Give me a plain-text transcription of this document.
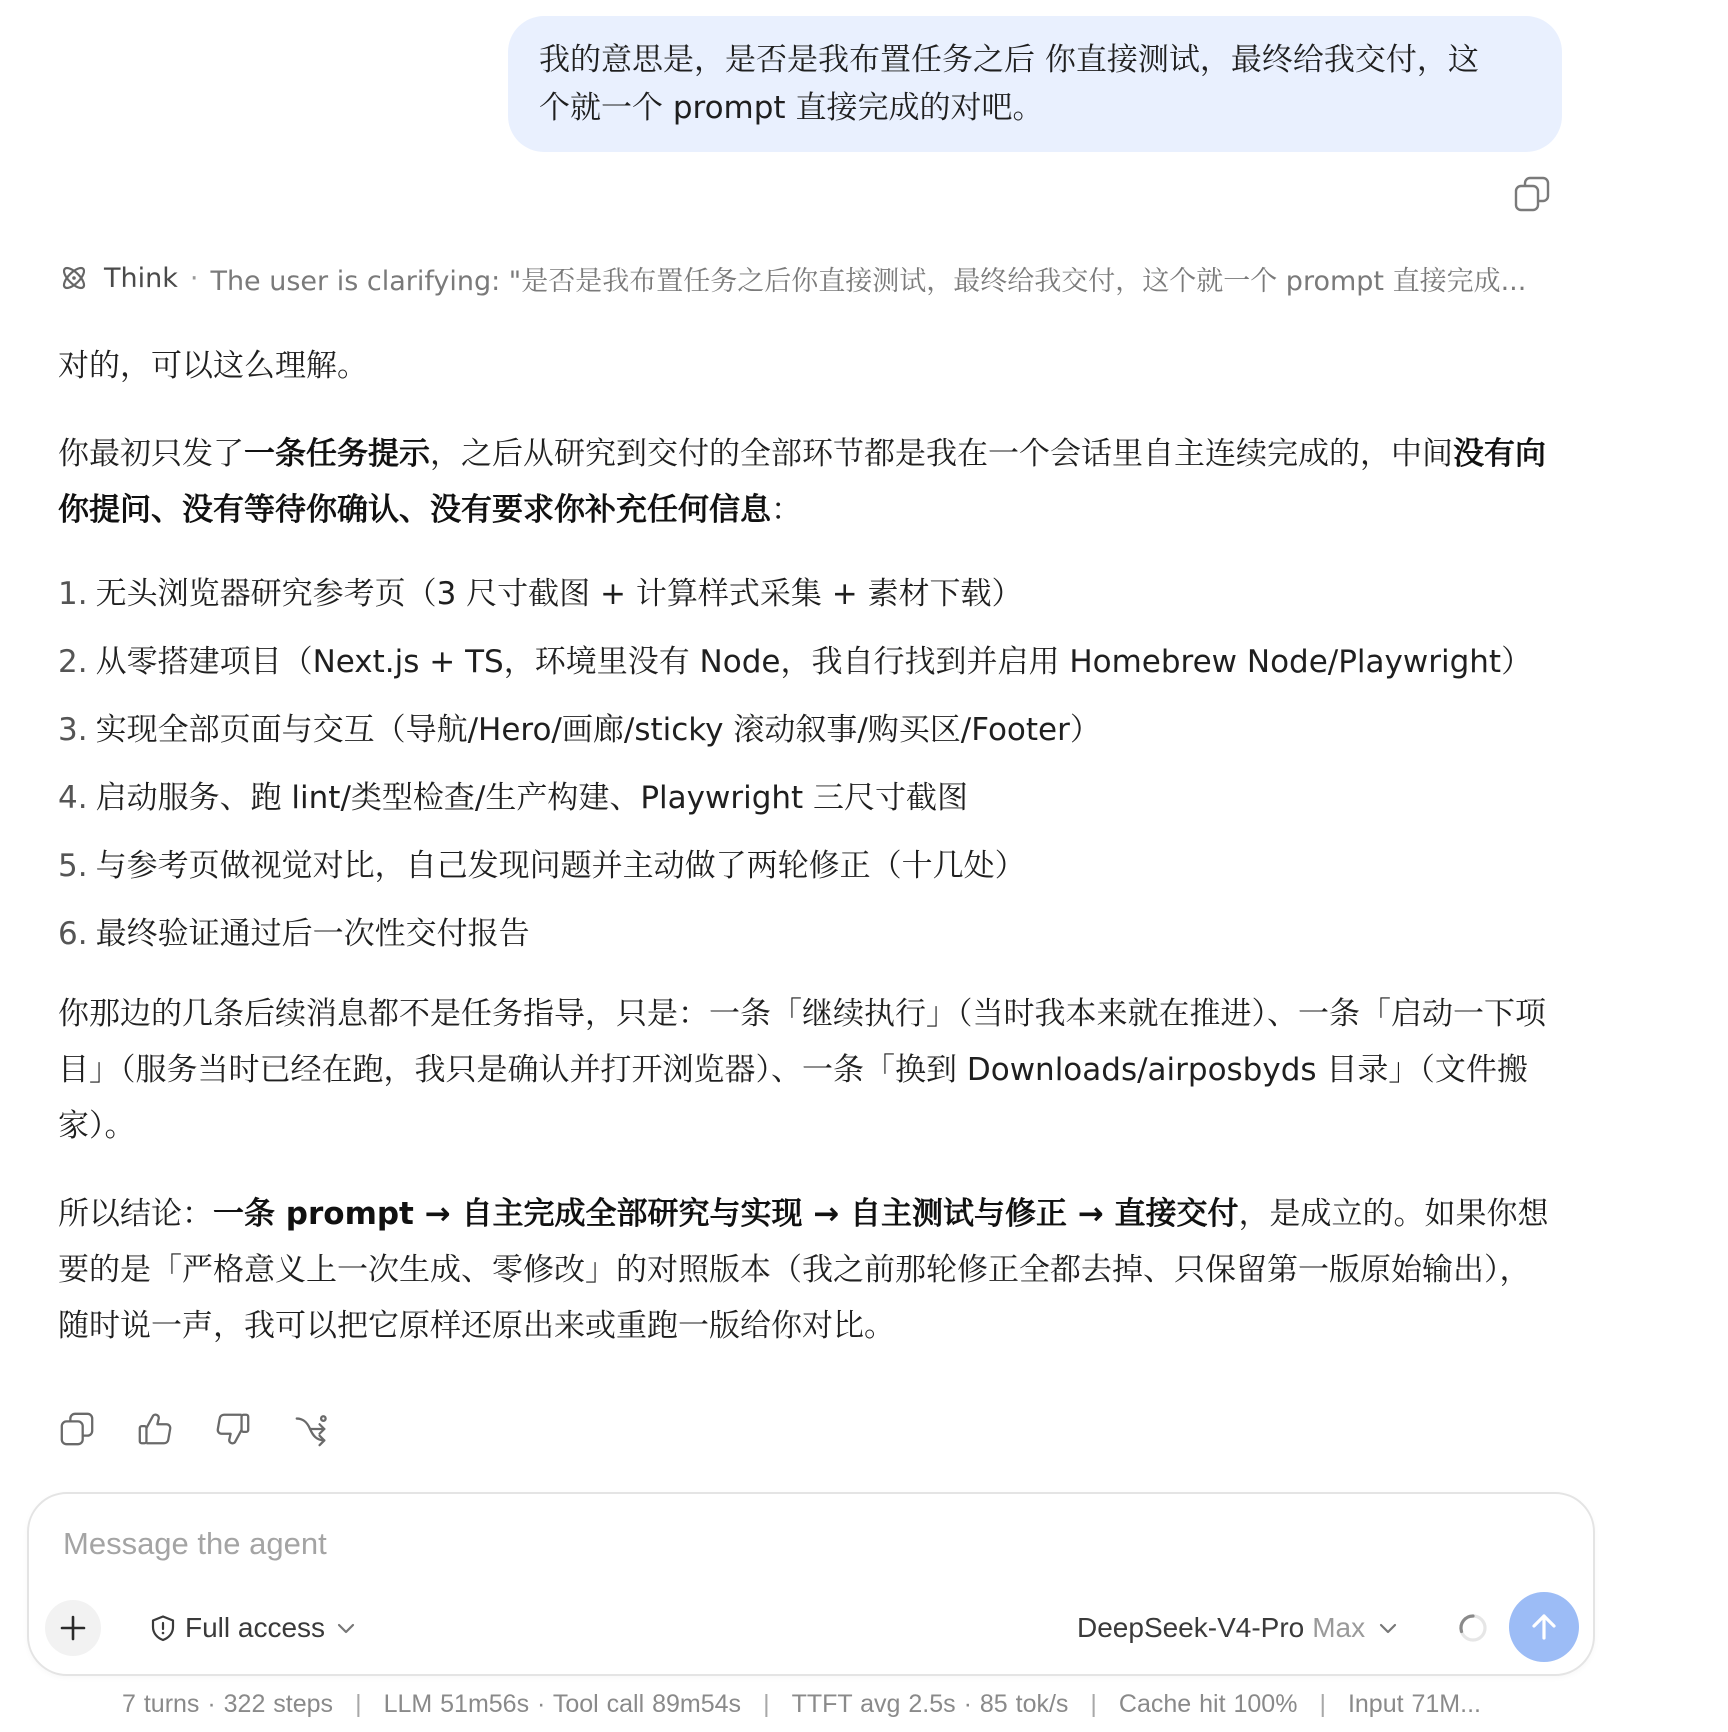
我的意思是，是否是我布置任务之后 你直接测试，最终给我交付，这
个就一个 prompt 直接完成的对吧。
Think · The user is clarifying: "是否是我布置任务之后你直接测试，最终给我交付，这个就一个 prompt 直接完成...

对的，可以这么理解。

你最初只发了一条任务提示，之后从研究到交付的全部环节都是我在一个会话里自主连续完成的，中间没有向你提问、没有等待你确认、没有要求你补充任何信息：

1. 无头浏览器研究参考页（3 尺寸截图 + 计算样式采集 + 素材下载）
2. 从零搭建项目（Next.js + TS，环境里没有 Node，我自行找到并启用 Homebrew Node/Playwright）
3. 实现全部页面与交互（导航/Hero/画廊/sticky 滚动叙事/购买区/Footer）
4. 启动服务、跑 lint/类型检查/生产构建、Playwright 三尺寸截图
5. 与参考页做视觉对比，自己发现问题并主动做了两轮修正（十几处）
6. 最终验证通过后一次性交付报告

你那边的几条后续消息都不是任务指导，只是：一条「继续执行」（当时我本来就在推进）、一条「启动一下项目」（服务当时已经在跑，我只是确认并打开浏览器）、一条「换到 Downloads/airposbyds 目录」（文件搬家）。

所以结论：一条 prompt → 自主完成全部研究与实现 → 自主测试与修正 → 直接交付，是成立的。如果你想要的是「严格意义上一次生成、零修改」的对照版本（我之前那轮修正全都去掉、只保留第一版原始输出），随时说一声，我可以把它原样还原出来或重跑一版给你对比。

Message the agent
Full access	DeepSeek-V4-Pro Max
7 turns · 322 steps | LLM 51m56s · Tool call 89m54s | TTFT avg 2.5s · 85 tok/s | Cache hit 100% | Input 71M...
